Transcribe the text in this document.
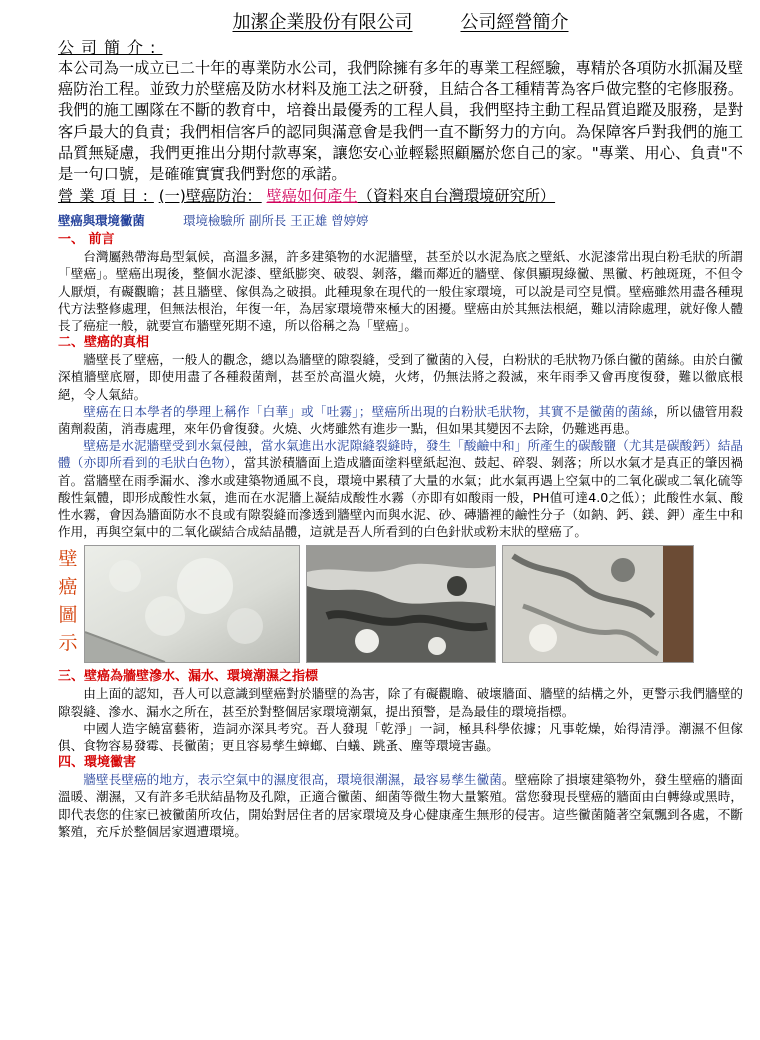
加潔企業股份有限公司	公司經營簡介

公司簡介:

本公司為一成立已二十年的專業防水公司，我們除擁有多年的專業工程經驗，專精於各項防水抓漏及壁癌防治工程。並致力於壁癌及防水材料及施工法之研發，且結合各工種精菁為客戶做完整的宅修服務。我們的施工團隊在不斷的教育中，培養出最優秀的工程人員，我們堅持主動工程品質追蹤及服務，是對客戶最大的負責；我們相信客戶的認同與滿意會是我們一直不斷努力的方向。為保障客戶對我們的施工品質無疑慮，我們更推出分期付款專案，讓您安心並輕鬆照顧屬於您自己的家。"專業、用心、負責"不是一句口號，是確確實實我們對您的承諾。

營業項目: (一)壁癌防治： 壁癌如何產生（資料來自台灣環境研究所）

壁癌與環境黴菌	環境檢驗所 副所長 王正雄 曾婷婷

一、 前言

台灣屬熱帶海島型氣候，高溫多濕，許多建築物的水泥牆壁，甚至於以水泥為底之壁紙、水泥漆常出現白粉毛狀的所謂「壁癌」。壁癌出現後，整個水泥漆、壁紙膨突、破裂、剝落，繼而鄰近的牆壁、傢俱顯現綠黴、黑黴、朽蝕斑斑，不但令人厭煩，有礙觀瞻；甚且牆壁、傢俱為之破損。此種現象在現代的一般住家環境，可以說是司空見慣。壁癌雖然用盡各種現代方法整修處理，但無法根治，年復一年，為居家環境帶來極大的困擾。壁癌由於其無法根絕，難以清除處理，就好像人體長了癌症一般，就要宣布牆壁死期不遠，所以俗稱之為「壁癌」。

二、壁癌的真相

牆壁長了壁癌，一般人的觀念，總以為牆壁的隙裂縫，受到了黴菌的入侵，白粉狀的毛狀物乃係白黴的菌絲。由於白黴深植牆壁底層，即使用盡了各種殺菌劑，甚至於高溫火燒，火烤，仍無法將之殺滅，來年雨季又會再度復發，難以徹底根絕，令人氣結。

壁癌在日本學者的學理上稱作「白華」或「吐霧」；壁癌所出現的白粉狀毛狀物，其實不是黴菌的菌絲，所以儘管用殺菌劑殺菌，消毒處理，來年仍會復發。火燒、火烤雖然有進步一點，但如果其變因不去除，仍難逃再患。

壁癌是水泥牆壁受到水氣侵蝕，當水氣進出水泥隙縫裂縫時，發生「酸鹼中和」所產生的碳酸鹽（尤其是碳酸鈣）結晶體（亦即所看到的毛狀白色物），當其淤積牆面上造成牆面塗料壁紙起泡、鼓起、碎裂、剝落；所以水氣才是真正的肇因禍首。當牆壁在雨季漏水、滲水或建築物通風不良，環境中累積了大量的水氣；此水氣再遇上空氣中的二氧化碳或二氧化硫等酸性氣體，即形成酸性水氣，進而在水泥牆上凝結成酸性水霧（亦即有如酸雨一般，PH值可達4.0之低）；此酸性水氣、酸性水霧，會因為牆面防水不良或有隙裂縫而滲透到牆壁內而與水泥、砂、磚牆裡的鹼性分子（如鈉、鈣、鎂、鉀）產生中和作用，再與空氣中的二氧化碳結合成結晶體，這就是吾人所看到的白色針狀或粉末狀的壁癌了。

壁
癌
圖
示

三、壁癌為牆壁滲水、漏水、環境潮濕之指標

由上面的認知，吾人可以意識到壁癌對於牆壁的為害，除了有礙觀瞻、破壞牆面、牆壁的結構之外，更警示我們牆壁的隙裂縫、滲水、漏水之所在，甚至於對整個居家環境潮氣，提出預警，是為最佳的環境指標。

中國人造字饒富藝術，造詞亦深具考究。吾人發現「乾淨」一詞，極具科學依據；凡事乾燥，始得清淨。潮濕不但傢俱、食物容易發霉、長黴菌；更且容易孳生蟑螂、白蟻、跳蚤、塵等環境害蟲。

四、環境黴害

牆壁長壁癌的地方，表示空氣中的濕度很高，環境很潮濕，最容易孳生黴菌。壁癌除了損壞建築物外，發生壁癌的牆面溫暖、潮濕，又有許多毛狀結晶物及孔隙，正適合黴菌、細菌等微生物大量繁殖。當您發現長壁癌的牆面由白轉綠或黑時，即代表您的住家已被黴菌所攻佔，開始對居住者的居家環境及身心健康產生無形的侵害。這些黴菌隨著空氣飄到各處，不斷繁殖，充斥於整個居家週遭環境。
